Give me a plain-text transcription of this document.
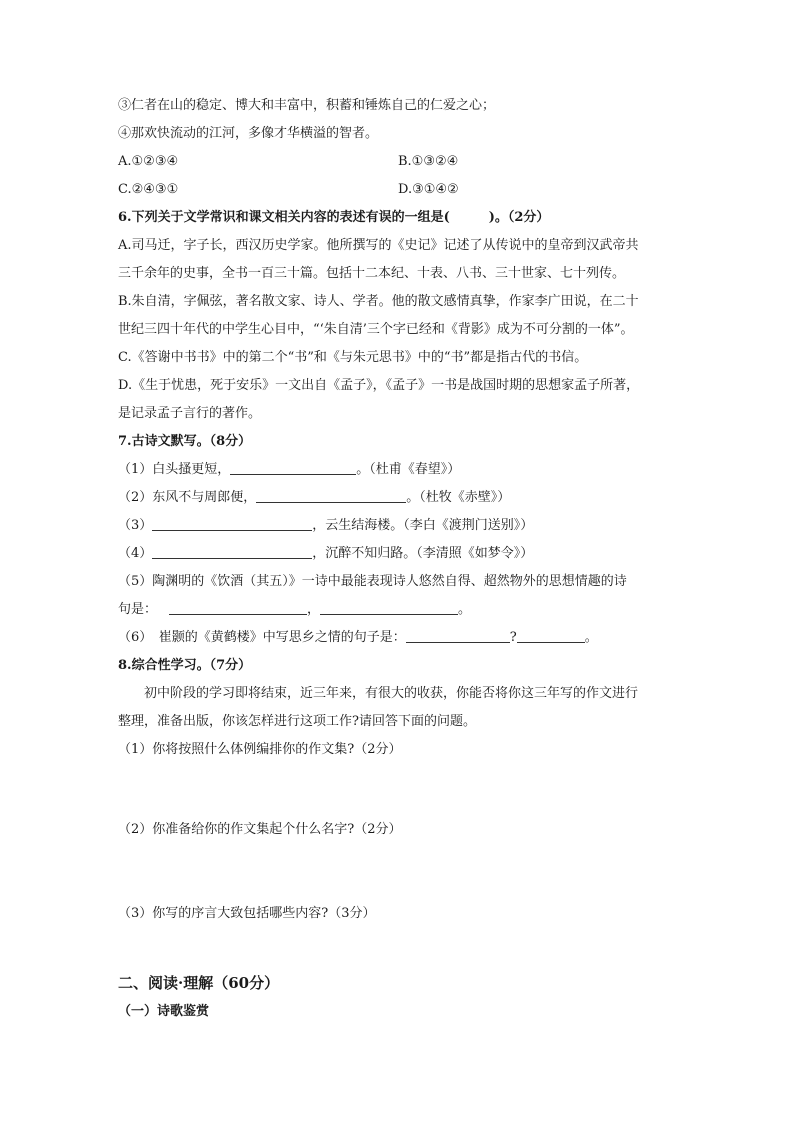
③仁者在山的稳定、博大和丰富中，积蓄和锤炼自己的仁爱之心；
④那欢快流动的江河，多像才华横溢的智者。
A.①②③④	B.①③②④
C.②④③①	D.③①④②
6.下列关于文学常识和课文相关内容的表述有误的一组是(　　　)。（2分）
A.司马迁，字子长，西汉历史学家。他所撰写的《史记》记述了从传说中的皇帝到汉武帝共
三千余年的史事，全书一百三十篇。包括十二本纪、十表、八书、三十世家、七十列传。
B.朱自清，字佩弦，著名散文家、诗人、学者。他的散文感情真挚，作家李广田说，在二十
世纪三四十年代的中学生心目中，“‘朱自清’三个字已经和《背影》成为不可分割的一体”。
C.《答谢中书书》中的第二个“书”和《与朱元思书》中的“书”都是指古代的书信。
D.《生于忧患，死于安乐》一文出自《孟子》，《孟子》一书是战国时期的思想家孟子所著，
是记录孟子言行的著作。
7.古诗文默写。（8分）
（1）白头搔更短，	。（杜甫《春望》）
（2）东风不与周郎便，	。（杜牧《赤壁》）
（3）	，云生结海楼。（李白《渡荆门送别》）
（4）	，沉醉不知归路。（李清照《如梦令》）
（5）陶渊明的《饮酒（其五）》一诗中最能表现诗人悠然自得、超然物外的思想情趣的诗
句是：	，	。
（6）　崔颢的《黄鹤楼》中写思乡之情的句子是：	?	。
8.综合性学习。（7分）
初中阶段的学习即将结束，近三年来，有很大的收获，你能否将你这三年写的作文进行
整理，准备出版，你该怎样进行这项工作?请回答下面的问题。
（1）你将按照什么体例编排你的作文集?（2分）
（2）你准备给你的作文集起个什么名字?（2分）
（3）你写的序言大致包括哪些内容?（3分）
二、阅读·理解（60分）
（一）诗歌鉴赏
